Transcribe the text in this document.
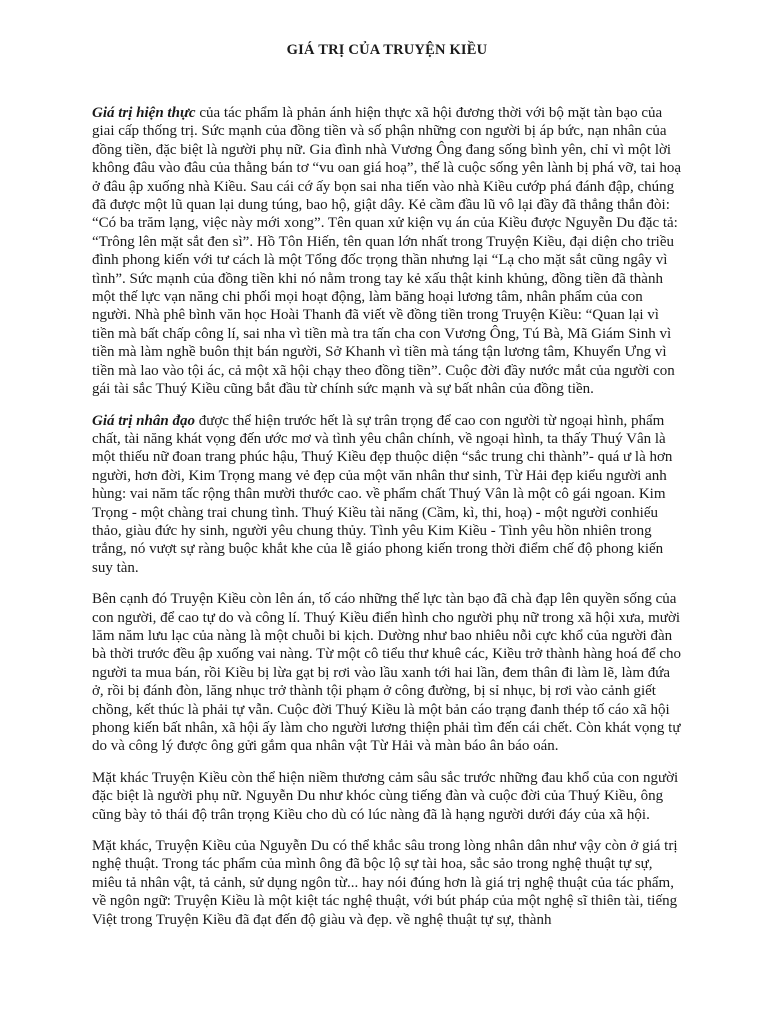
GIÁ TRỊ CỦA TRUYỆN KIỀU

Giá trị hiện thực của tác phẩm là phản ánh hiện thực xã hội đương thời với bộ mặt tàn bạo của giai cấp thống trị. Sức mạnh của đồng tiền và số phận những con người bị áp bức, nạn nhân của đồng tiền, đặc biệt là người phụ nữ. Gia đình nhà Vương Ông đang sống bình yên, chỉ vì một lời không đâu vào đâu của thằng bán tơ “vu oan giá hoạ”, thế là cuộc sống yên lành bị phá vỡ, tai hoạ ở đâu ập xuống nhà Kiều. Sau cái cớ ấy bọn sai nha tiến vào nhà Kiều cướp phá đánh đập, chúng đã được một lũ quan lại dung túng, bao hộ, giật dây. Kẻ cầm đầu lũ vô lại đầy đã thẳng thắn đòi: “Có ba trăm lạng, việc này mới xong”. Tên quan xử kiện vụ án của Kiều được Nguyễn Du đặc tả: “Trông lên mặt sắt đen sì”. Hồ Tôn Hiến, tên quan lớn nhất trong Truyện Kiều, đại diện cho triều đình phong kiến với tư cách là một Tổng đốc trọng thần nhưng lại “Lạ cho mặt sắt cũng ngây vì tình”. Sức mạnh của đồng tiền khi nó nằm trong tay kẻ xấu thật kinh khủng, đồng tiền đã thành một thế lực vạn năng chi phối mọi hoạt động, làm băng hoại lương tâm, nhân phẩm của con người. Nhà phê bình văn học Hoài Thanh đã viết về đồng tiền trong Truyện Kiều: “Quan lại vì tiền mà bất chấp công lí, sai nha vì tiền mà tra tấn cha con Vương Ông, Tú Bà, Mã Giám Sinh vì tiền mà làm nghề buôn thịt bán người, Sở Khanh vì tiền mà táng tận lương tâm, Khuyển Ưng vì tiền mà lao vào tội ác, cả một xã hội chạy theo đồng tiền”. Cuộc đời đầy nước mắt của người con gái tài sắc Thuý Kiều cũng bắt đầu từ chính sức mạnh và sự bất nhân của đồng tiền.

Giá trị nhân đạo được thể hiện trước hết là sự trân trọng để cao con người từ ngoại hình, phẩm chất, tài năng khát vọng đến ước mơ và tình yêu chân chính, về ngoại hình, ta thấy Thuý Vân là một thiếu nữ đoan trang phúc hậu, Thuý Kiều đẹp thuộc diện “sắc trung chi thành”- quá ư là hơn người, hơn đời, Kim Trọng mang vẻ đẹp của một văn nhân thư sinh, Từ Hải đẹp kiểu người anh hùng: vai năm tấc rộng thân mười thước cao. về phẩm chất Thuý Vân là một cô gái ngoan. Kim Trọng - một chàng trai chung tình. Thuý Kiều tài năng (Cầm, kì, thi, hoạ) - một người conhiếu thảo, giàu đức hy sinh, người yêu chung thủy. Tình yêu Kim Kiều - Tình yêu hồn nhiên trong trắng, nó vượt sự ràng buộc khắt khe của lễ giáo phong kiến trong thời điểm chế độ phong kiến suy tàn.

Bên cạnh đó Truyện Kiều còn lên án, tố cáo những thế lực tàn bạo đã chà đạp lên quyền sống của con người, để cao tự do và công lí. Thuý Kiều điển hình cho người phụ nữ trong xã hội xưa, mười lăm năm lưu lạc của nàng là một chuỗi bi kịch. Dường như bao nhiêu nỗi cực khổ của người đàn bà thời trước đều ập xuống vai nàng. Từ một cô tiểu thư khuê các, Kiều trở thành hàng hoá để cho người ta mua bán, rồi Kiều bị lừa gạt bị rơi vào lầu xanh tới hai lần, đem thân đi làm lẽ, làm đứa ở, rồi bị đánh đòn, lăng nhục trở thành tội phạm ở công đường, bị sỉ nhục, bị rơi vào cảnh giết chồng, kết thúc là phải tự vẫn. Cuộc đời Thuý Kiều là một bản cáo trạng đanh thép tố cáo xã hội phong kiến bất nhân, xã hội ấy làm cho người lương thiện phải tìm đến cái chết. Còn khát vọng tự do và công lý được ông gửi gắm qua nhân vật Từ Hải và màn báo ân báo oán.

Mặt khác Truyện Kiều còn thể hiện niềm thương cảm sâu sắc trước những đau khổ của con người đặc biệt là người phụ nữ. Nguyễn Du như khóc cùng tiếng đàn và cuộc đời của Thuý Kiều, ông cũng bày tỏ thái độ trân trọng Kiều cho dù có lúc nàng đã là hạng người dưới đáy của xã hội.

Mặt khác, Truyện Kiều của Nguyễn Du có thể khắc sâu trong lòng nhân dân như vậy còn ở giá trị nghệ thuật. Trong tác phẩm của mình ông đã bộc lộ sự tài hoa, sắc sảo trong nghệ thuật tự sự, miêu tả nhân vật, tả cảnh, sử dụng ngôn từ... hay nói đúng hơn là giá trị nghệ thuật của tác phẩm, về ngôn ngữ: Truyện Kiều là một kiệt tác nghệ thuật, với bút pháp của một nghệ sĩ thiên tài, tiếng Việt trong Truyện Kiều đã đạt đến độ giàu và đẹp. về nghệ thuật tự sự, thành
